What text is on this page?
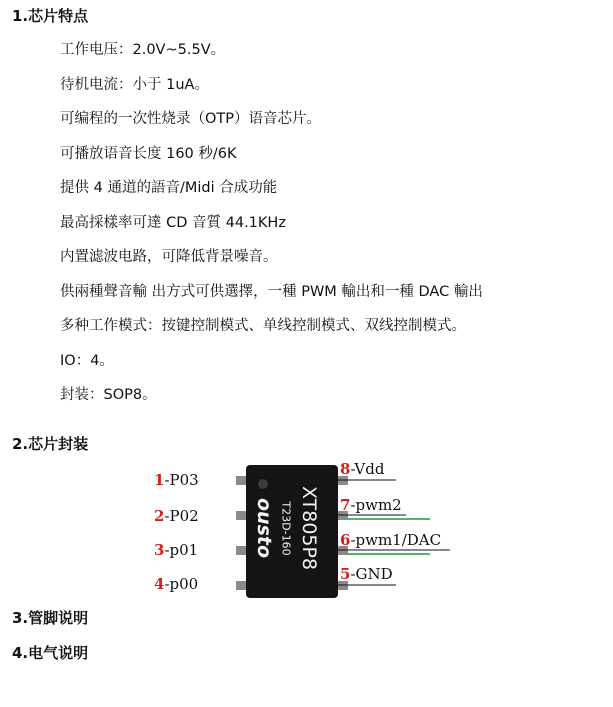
1.芯片特点
工作电压：2.0V~5.5V。
待机电流：小于 1uA。
可编程的一次性烧录（OTP）语音芯片。
可播放语音长度 160 秒/6K
提供 4 通道的語音/Midi 合成功能
最高採樣率可達 CD 音質 44.1KHz
内置滤波电路，可降低背景噪音。
供兩種聲音輸 出方式可供選擇，一種 PWM 輸出和一種 DAC 輸出
多种工作模式：按键控制模式、单线控制模式、双线控制模式。
IO：4。
封装：SOP8。
2.芯片封装
XT805P8
T23D-160
ousto
1-P03
2-P02
3-p01
4-p00
8-Vdd
7-pwm2
6-pwm1/DAC
5-GND
3.管脚说明
4.电气说明
